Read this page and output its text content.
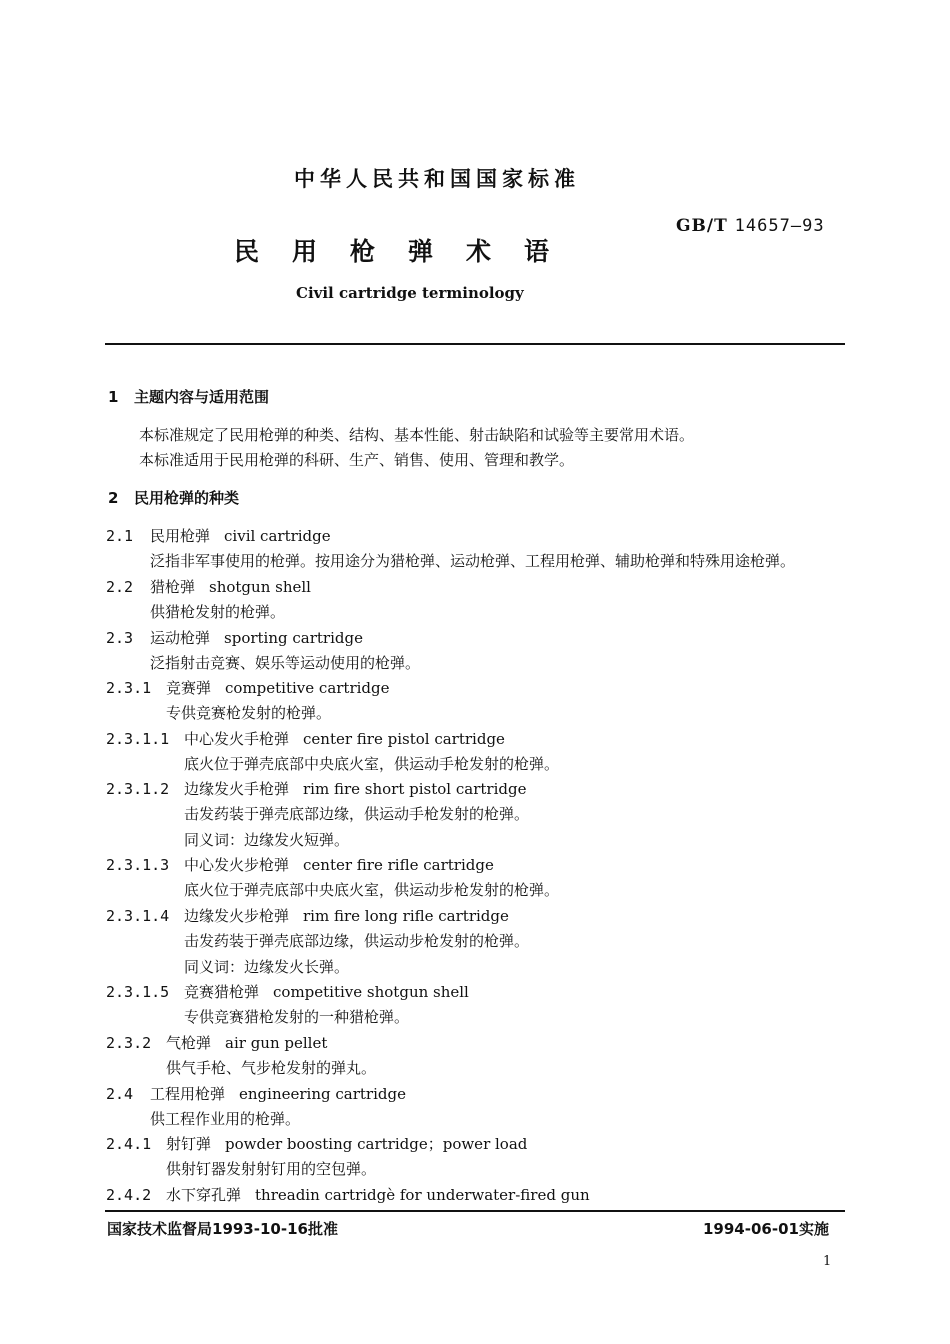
中华人民共和国国家标准
GB/T 14657—93
民用枪弹术语
Civil cartridge terminology
1 主题内容与适用范围
本标准规定了民用枪弹的种类、结构、基本性能、射击缺陷和试验等主要常用术语。
本标准适用于民用枪弹的科研、生产、销售、使用、管理和教学。
2 民用枪弹的种类
2.1 民用枪弹 civil cartridge
泛指非军事使用的枪弹。按用途分为猎枪弹、运动枪弹、工程用枪弹、辅助枪弹和特殊用途枪弹。
2.2 猎枪弹 shotgun shell
供猎枪发射的枪弹。
2.3 运动枪弹 sporting cartridge
泛指射击竞赛、娱乐等运动使用的枪弹。
2.3.1 竞赛弹 competitive cartridge
专供竞赛枪发射的枪弹。
2.3.1.1 中心发火手枪弹 center fire pistol cartridge
底火位于弹壳底部中央底火室，供运动手枪发射的枪弹。
2.3.1.2 边缘发火手枪弹 rim fire short pistol cartridge
击发药装于弹壳底部边缘，供运动手枪发射的枪弹。
同义词：边缘发火短弹。
2.3.1.3 中心发火步枪弹 center fire rifle cartridge
底火位于弹壳底部中央底火室，供运动步枪发射的枪弹。
2.3.1.4 边缘发火步枪弹 rim fire long rifle cartridge
击发药装于弹壳底部边缘，供运动步枪发射的枪弹。
同义词：边缘发火长弹。
2.3.1.5 竞赛猎枪弹 competitive shotgun shell
专供竞赛猎枪发射的一种猎枪弹。
2.3.2 气枪弹 air gun pellet
供气手枪、气步枪发射的弹丸。
2.4 工程用枪弹 engineering cartridge
供工程作业用的枪弹。
2.4.1 射钉弹 powder boosting cartridge；power load
供射钉器发射射钉用的空包弹。
2.4.2 水下穿孔弹 threadin cartridgè for underwater-fired gun
国家技术监督局1993-10-16批准	1994-06-01实施
1
